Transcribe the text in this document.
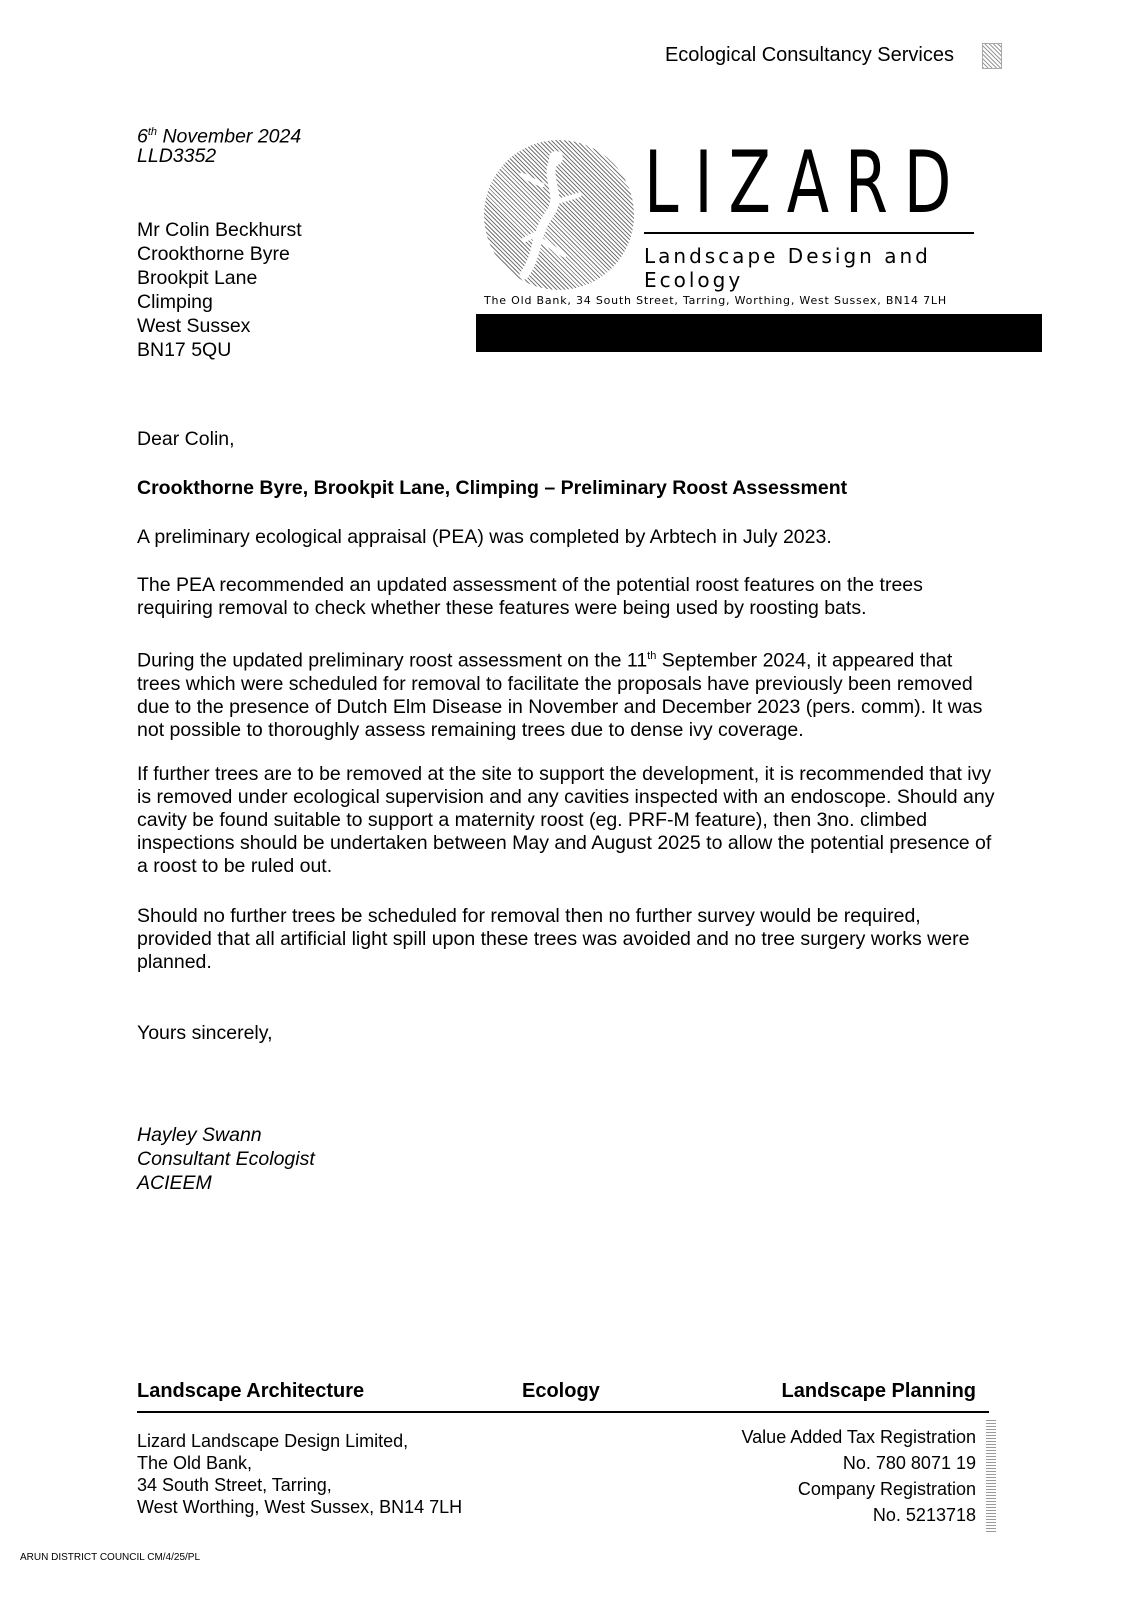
Ecological Consultancy Services
6th November 2024
LLD3352
Mr Colin Beckhurst
Crookthorne Byre
Brookpit Lane
Climping
West Sussex
BN17 5QU
LIZARD
Landscape Design and Ecology
The Old Bank, 34 South Street, Tarring, Worthing, West Sussex, BN14 7LH
Dear Colin,
Crookthorne Byre, Brookpit Lane, Climping – Preliminary Roost Assessment
A preliminary ecological appraisal (PEA) was completed by Arbtech in July 2023.
The PEA recommended an updated assessment of the potential roost features on the trees requiring removal to check whether these features were being used by roosting bats.
During the updated preliminary roost assessment on the 11th September 2024, it appeared that trees which were scheduled for removal to facilitate the proposals have previously been removed due to the presence of Dutch Elm Disease in November and December 2023 (pers. comm). It was not possible to thoroughly assess remaining trees due to dense ivy coverage.
If further trees are to be removed at the site to support the development, it is recommended that ivy is removed under ecological supervision and any cavities inspected with an endoscope. Should any cavity be found suitable to support a maternity roost (eg. PRF-M feature), then 3no. climbed inspections should be undertaken between May and August 2025 to allow the potential presence of a roost to be ruled out.
Should no further trees be scheduled for removal then no further survey would be required, provided that all artificial light spill upon these trees was avoided and no tree surgery works were planned.
Yours sincerely,
Hayley Swann
Consultant Ecologist
ACIEEM
Landscape Architecture	Ecology	Landscape Planning
Lizard Landscape Design Limited,
The Old Bank,
34 South Street, Tarring,
West Worthing, West Sussex, BN14 7LH
Value Added Tax Registration
No. 780 8071 19
Company Registration
No. 5213718
ARUN DISTRICT COUNCIL CM/4/25/PL
